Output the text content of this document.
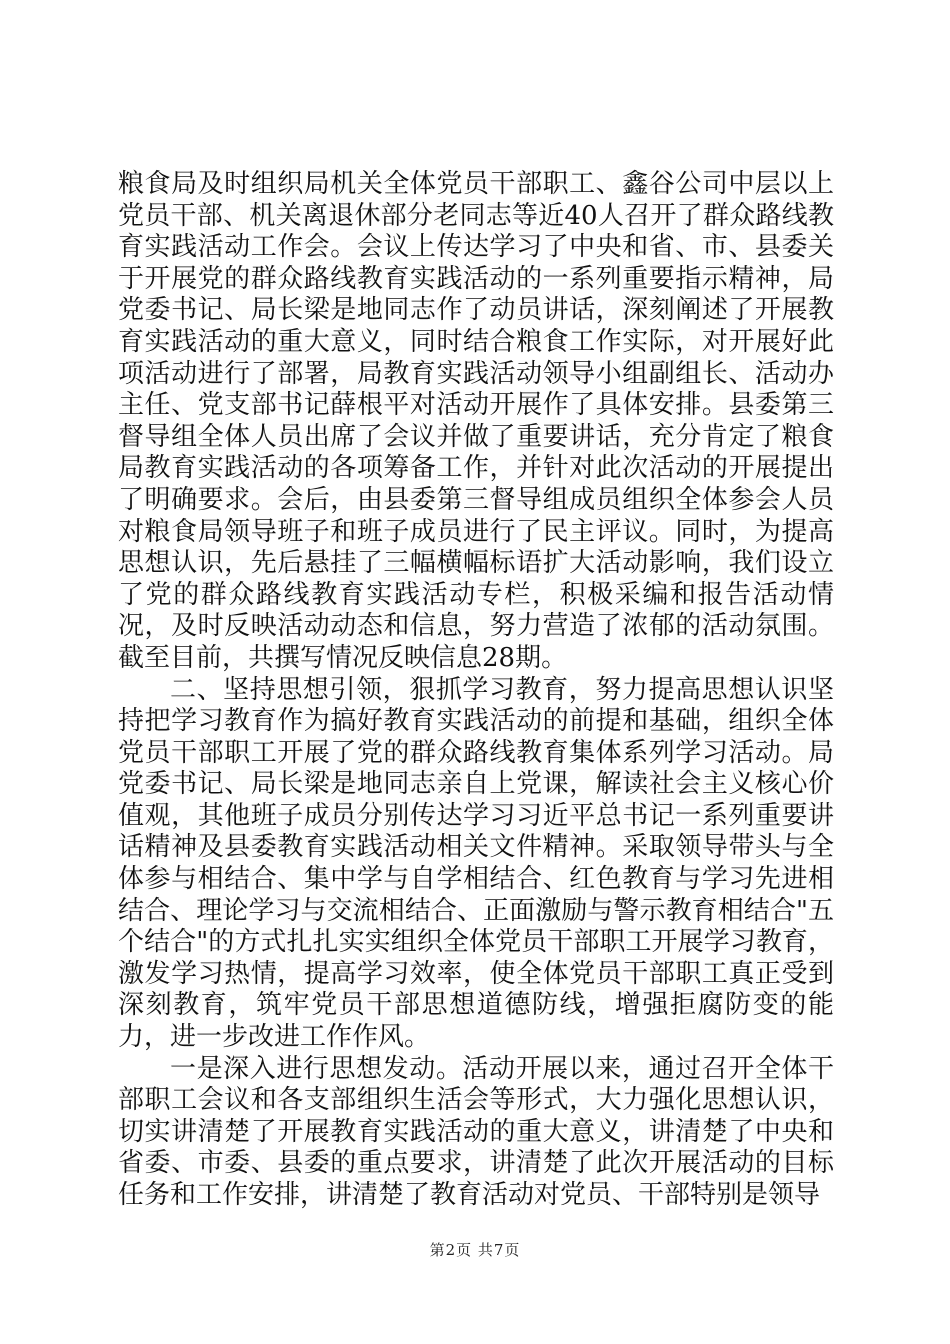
粮食局及时组织局机关全体党员干部职工、鑫谷公司中层以上党员干部、机关离退休部分老同志等近40人召开了群众路线教育实践活动工作会。会议上传达学习了中央和省、市、县委关于开展党的群众路线教育实践活动的一系列重要指示精神，局党委书记、局长梁是地同志作了动员讲话，深刻阐述了开展教育实践活动的重大意义，同时结合粮食工作实际，对开展好此项活动进行了部署，局教育实践活动领导小组副组长、活动办主任、党支部书记薛根平对活动开展作了具体安排。县委第三督导组全体人员出席了会议并做了重要讲话，充分肯定了粮食局教育实践活动的各项筹备工作，并针对此次活动的开展提出了明确要求。会后，由县委第三督导组成员组织全体参会人员对粮食局领导班子和班子成员进行了民主评议。同时，为提高思想认识，先后悬挂了三幅横幅标语扩大活动影响，我们设立了党的群众路线教育实践活动专栏，积极采编和报告活动情况，及时反映活动动态和信息，努力营造了浓郁的活动氛围。截至目前，共撰写情况反映信息28期。

二、坚持思想引领，狠抓学习教育，努力提高思想认识坚持把学习教育作为搞好教育实践活动的前提和基础，组织全体党员干部职工开展了党的群众路线教育集体系列学习活动。局党委书记、局长梁是地同志亲自上党课，解读社会主义核心价值观，其他班子成员分别传达学习习近平总书记一系列重要讲话精神及县委教育实践活动相关文件精神。采取领导带头与全体参与相结合、集中学与自学相结合、红色教育与学习先进相结合、理论学习与交流相结合、正面激励与警示教育相结合"五个结合"的方式扎扎实实组织全体党员干部职工开展学习教育，激发学习热情，提高学习效率，使全体党员干部职工真正受到深刻教育，筑牢党员干部思想道德防线，增强拒腐防变的能力，进一步改进工作作风。

一是深入进行思想发动。活动开展以来，通过召开全体干部职工会议和各支部组织生活会等形式，大力强化思想认识，切实讲清楚了开展教育实践活动的重大意义，讲清楚了中央和省委、市委、县委的重点要求，讲清楚了此次开展活动的目标任务和工作安排，讲清楚了教育活动对党员、干部特别是领导

第2页 共7页
